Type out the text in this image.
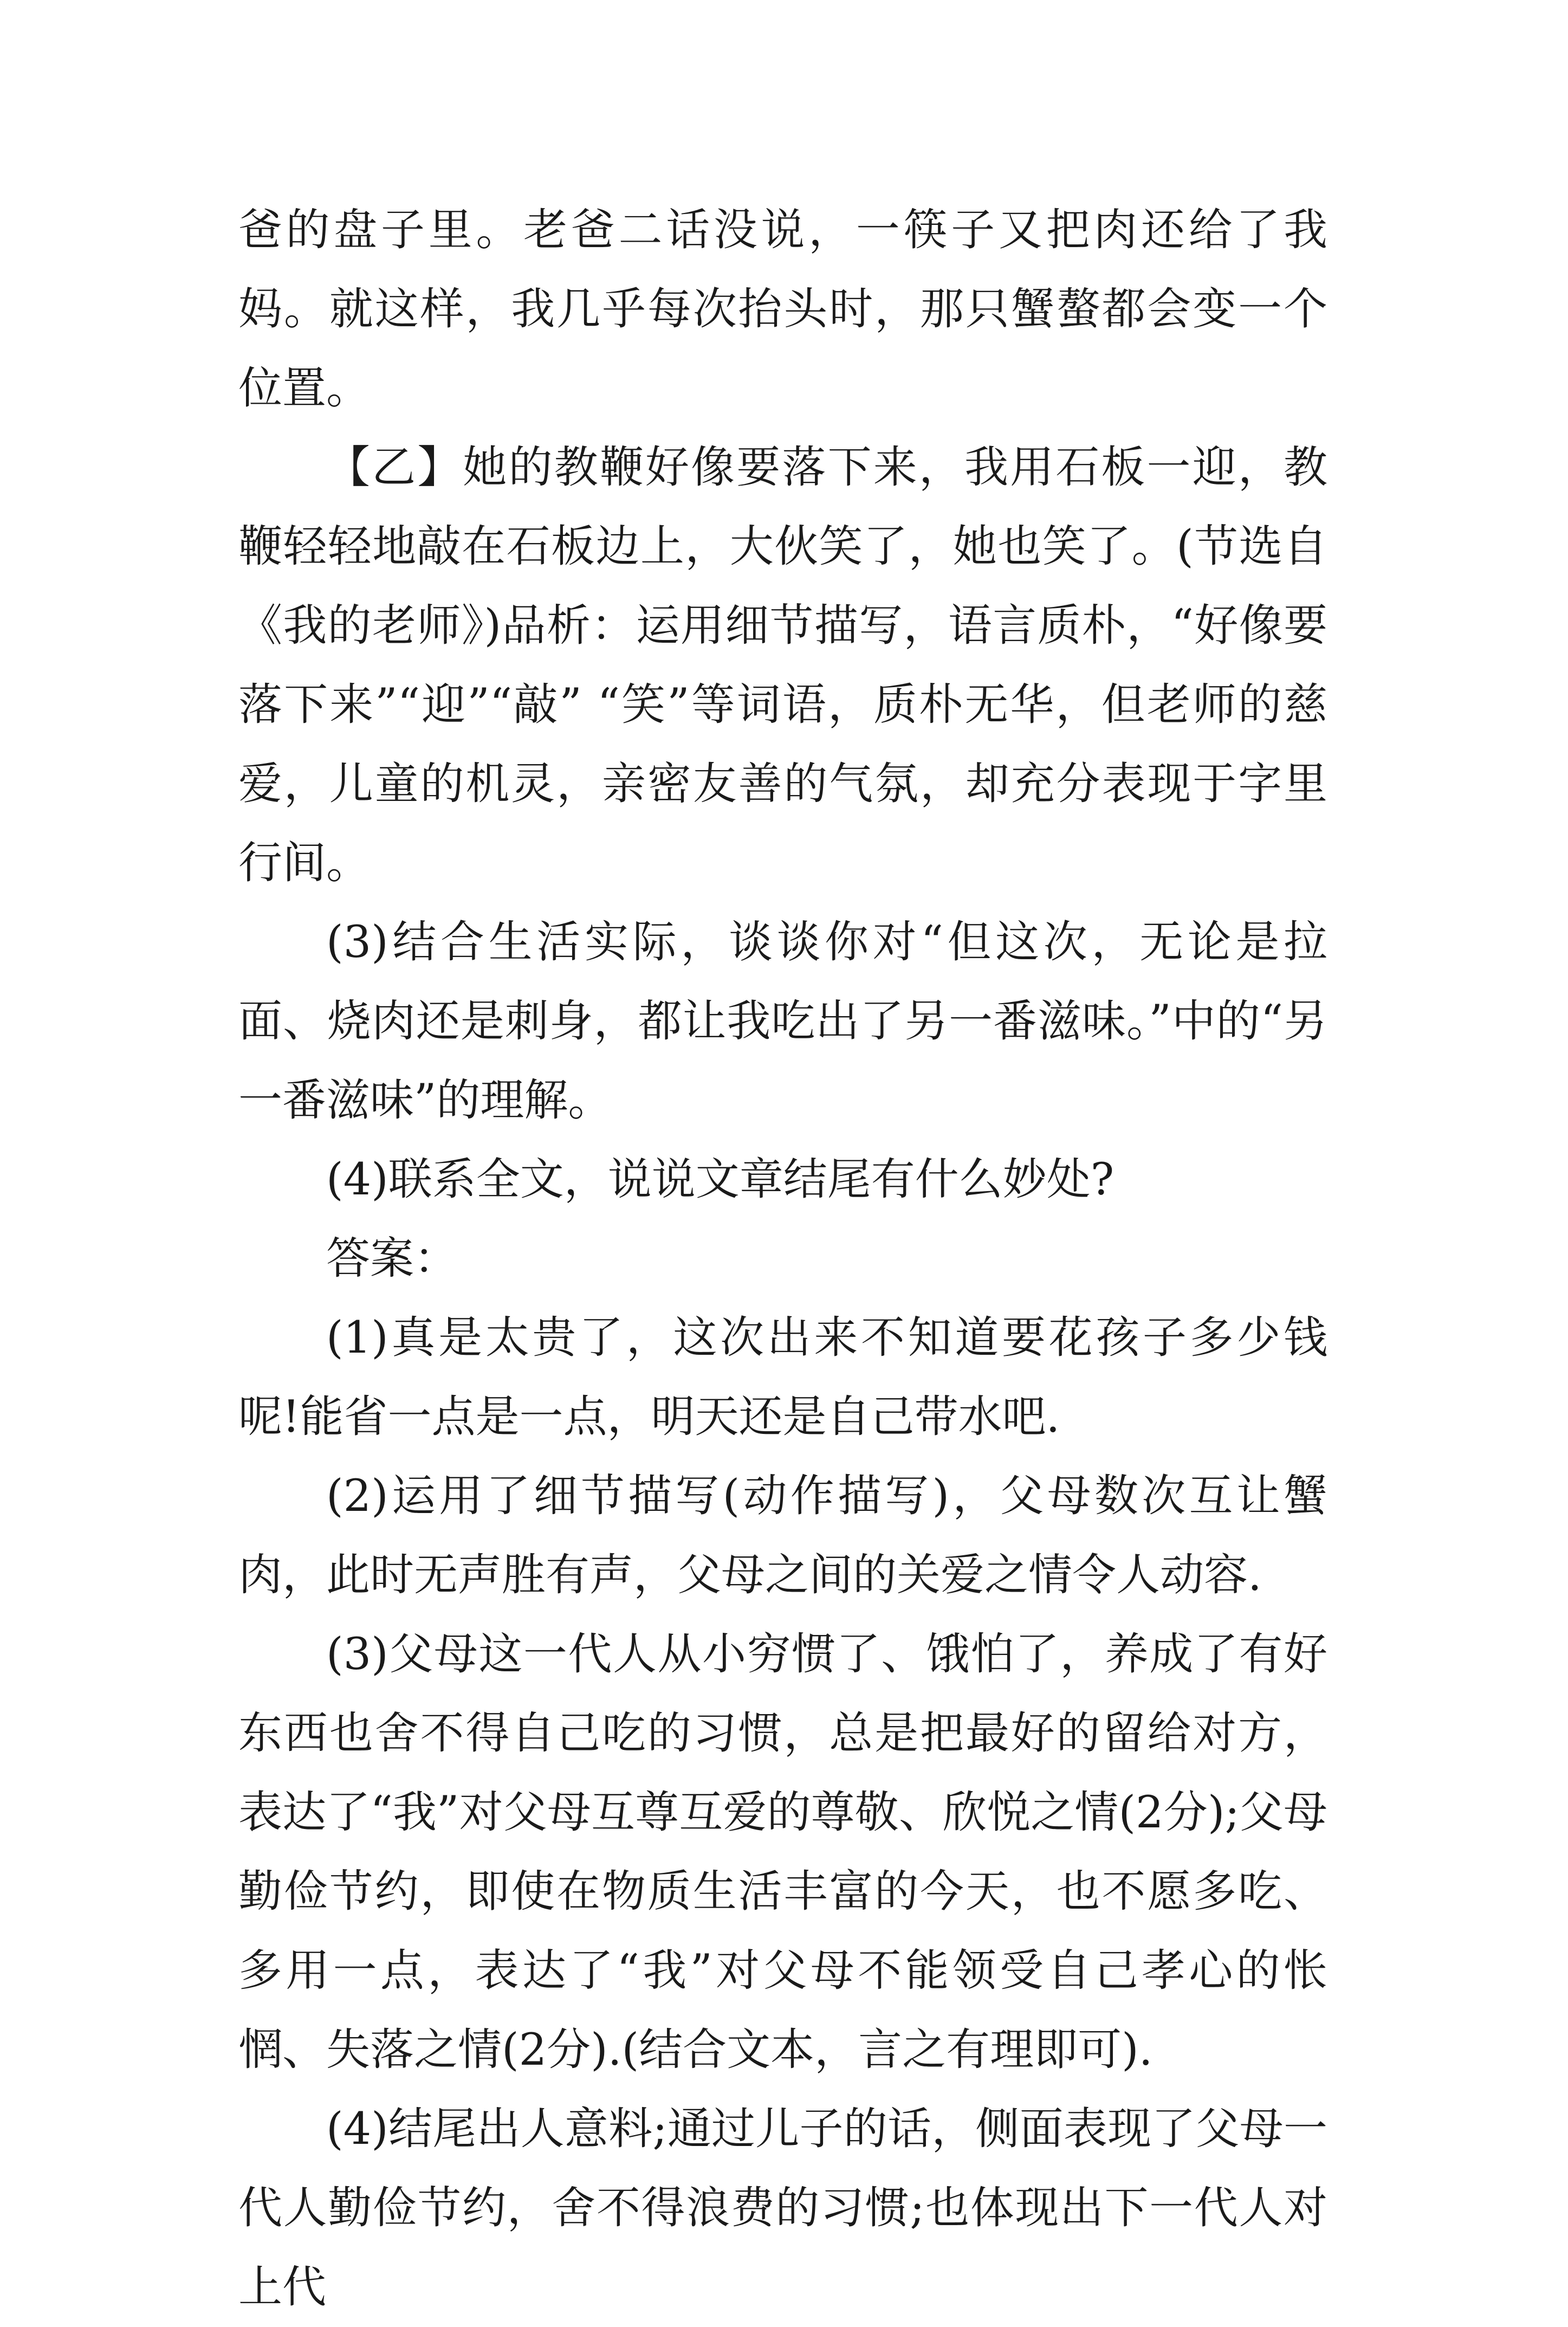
爸的盘子里。老爸二话没说，一筷子又把肉还给了我妈。就这样，我几乎每次抬头时，那只蟹螯都会变一个位置。

【乙】她的教鞭好像要落下来，我用石板一迎，教鞭轻轻地敲在石板边上，大伙笑了，她也笑了。(节选自《我的老师》)品析：运用细节描写，语言质朴，“好像要落下来”“迎”“敲” “笑”等词语，质朴无华，但老师的慈爱，儿童的机灵，亲密友善的气氛，却充分表现于字里行间。

(3)结合生活实际，谈谈你对“但这次，无论是拉面、烧肉还是刺身，都让我吃出了另一番滋味。”中的“另一番滋味”的理解。

(4)联系全文，说说文章结尾有什么妙处?

答案：

(1)真是太贵了，这次出来不知道要花孩子多少钱呢!能省一点是一点，明天还是自己带水吧.

(2)运用了细节描写(动作描写)，父母数次互让蟹肉，此时无声胜有声，父母之间的关爱之情令人动容.

(3)父母这一代人从小穷惯了、饿怕了，养成了有好东西也舍不得自己吃的习惯，总是把最好的留给对方，表达了“我”对父母互尊互爱的尊敬、欣悦之情(2分);父母勤俭节约，即使在物质生活丰富的今天，也不愿多吃、多用一点，表达了“我”对父母不能领受自己孝心的怅惘、失落之情(2分).(结合文本，言之有理即可).

(4)结尾出人意料;通过儿子的话，侧面表现了父母一代人勤俭节约，舍不得浪费的习惯;也体现出下一代人对上代
